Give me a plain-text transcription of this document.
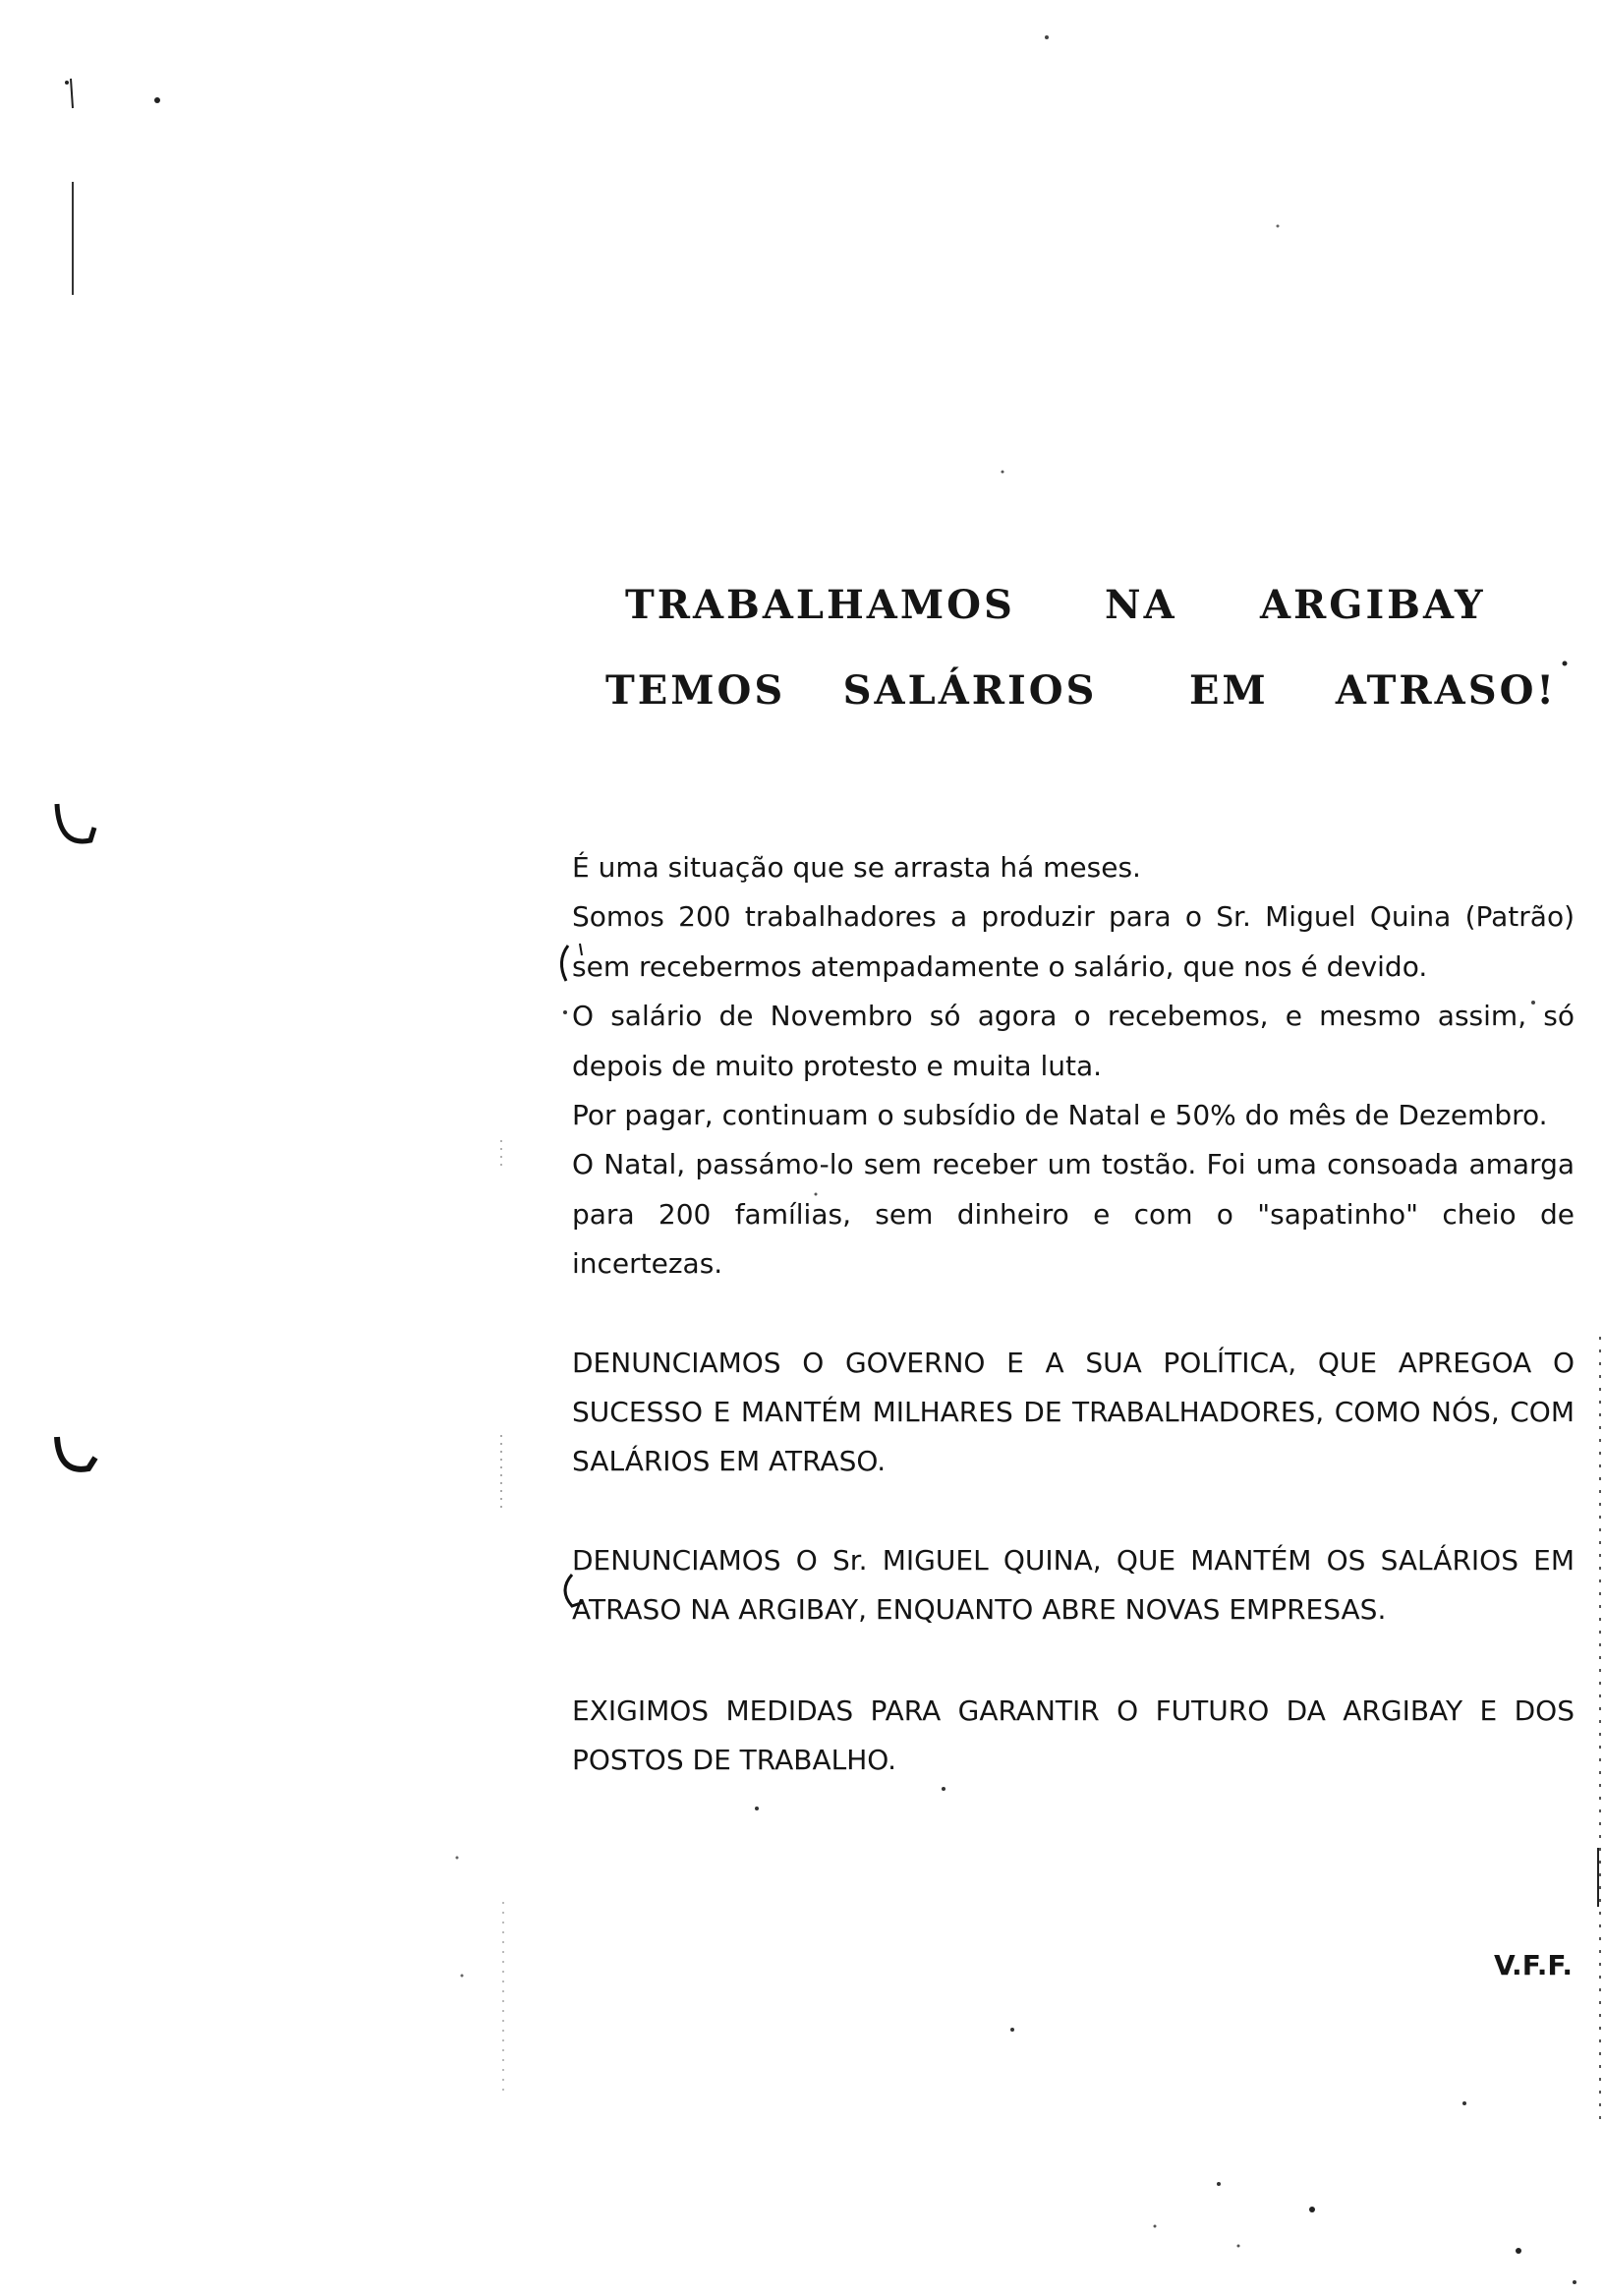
TRABALHAMOS	NA	ARGIBAY
TEMOS	SALÁRIOS	EM	ATRASO!

É uma situação que se arrasta há meses.

Somos 200 trabalhadores a produzir para o Sr. Miguel Quina (Patrão) sem recebermos atempadamente o salário, que nos é devido.

O salário de Novembro só agora o recebemos, e mesmo assim, só depois de muito protesto e muita luta.

Por pagar, continuam o subsídio de Natal e 50% do mês de Dezembro.

O Natal, passámo-lo sem receber um tostão. Foi uma consoada amarga para 200 famílias, sem dinheiro e com o "sapatinho" cheio de incertezas.

DENUNCIAMOS O GOVERNO E A SUA POLÍTICA, QUE APREGOA O SUCESSO E MANTÉM MILHARES DE TRABALHADORES, COMO NÓS, COM SALÁRIOS EM ATRASO.

DENUNCIAMOS O Sr. MIGUEL QUINA, QUE MANTÉM OS SALÁRIOS EM ATRASO NA ARGIBAY, ENQUANTO ABRE NOVAS EMPRESAS.

EXIGIMOS MEDIDAS PARA GARANTIR O FUTURO DA ARGIBAY E DOS POSTOS DE TRABALHO.

V.F.F.
